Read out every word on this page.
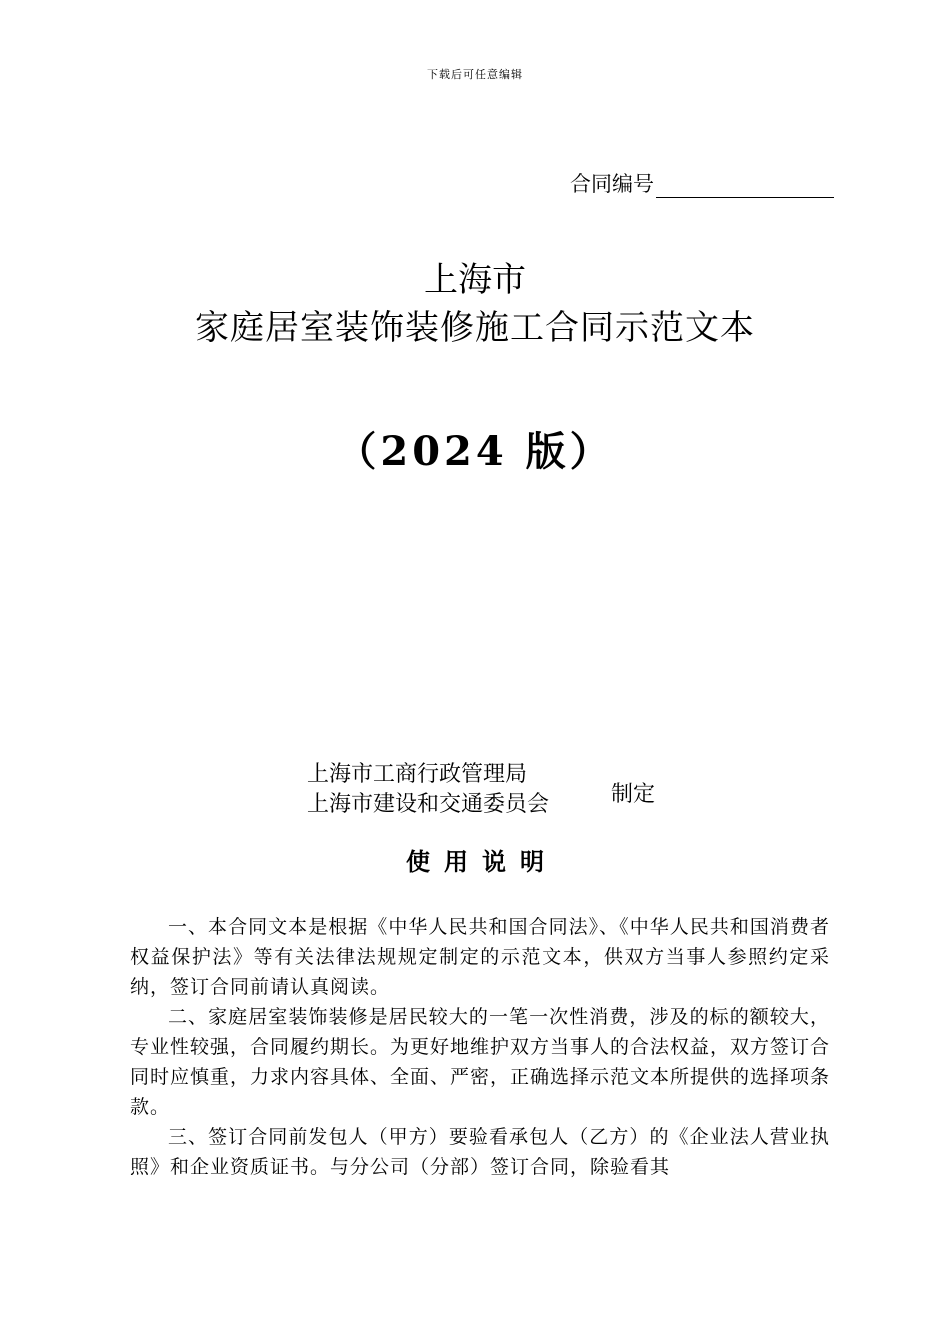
下载后可任意编辑
合同编号
上海市
家庭居室装饰装修施工合同示范文本
（2024 版）
上海市工商行政管理局
上海市建设和交通委员会	制定
使用说明

一、本合同文本是根据《中华人民共和国合同法》、《中华人民共和国消费者权益保护法》等有关法律法规规定制定的示范文本，供双方当事人参照约定采纳，签订合同前请认真阅读。

二、家庭居室装饰装修是居民较大的一笔一次性消费，涉及的标的额较大，专业性较强，合同履约期长。为更好地维护双方当事人的合法权益，双方签订合同时应慎重，力求内容具体、全面、严密，正确选择示范文本所提供的选择项条款。

三、签订合同前发包人（甲方）要验看承包人（乙方）的《企业法人营业执照》和企业资质证书。与分公司（分部）签订合同，除验看其
